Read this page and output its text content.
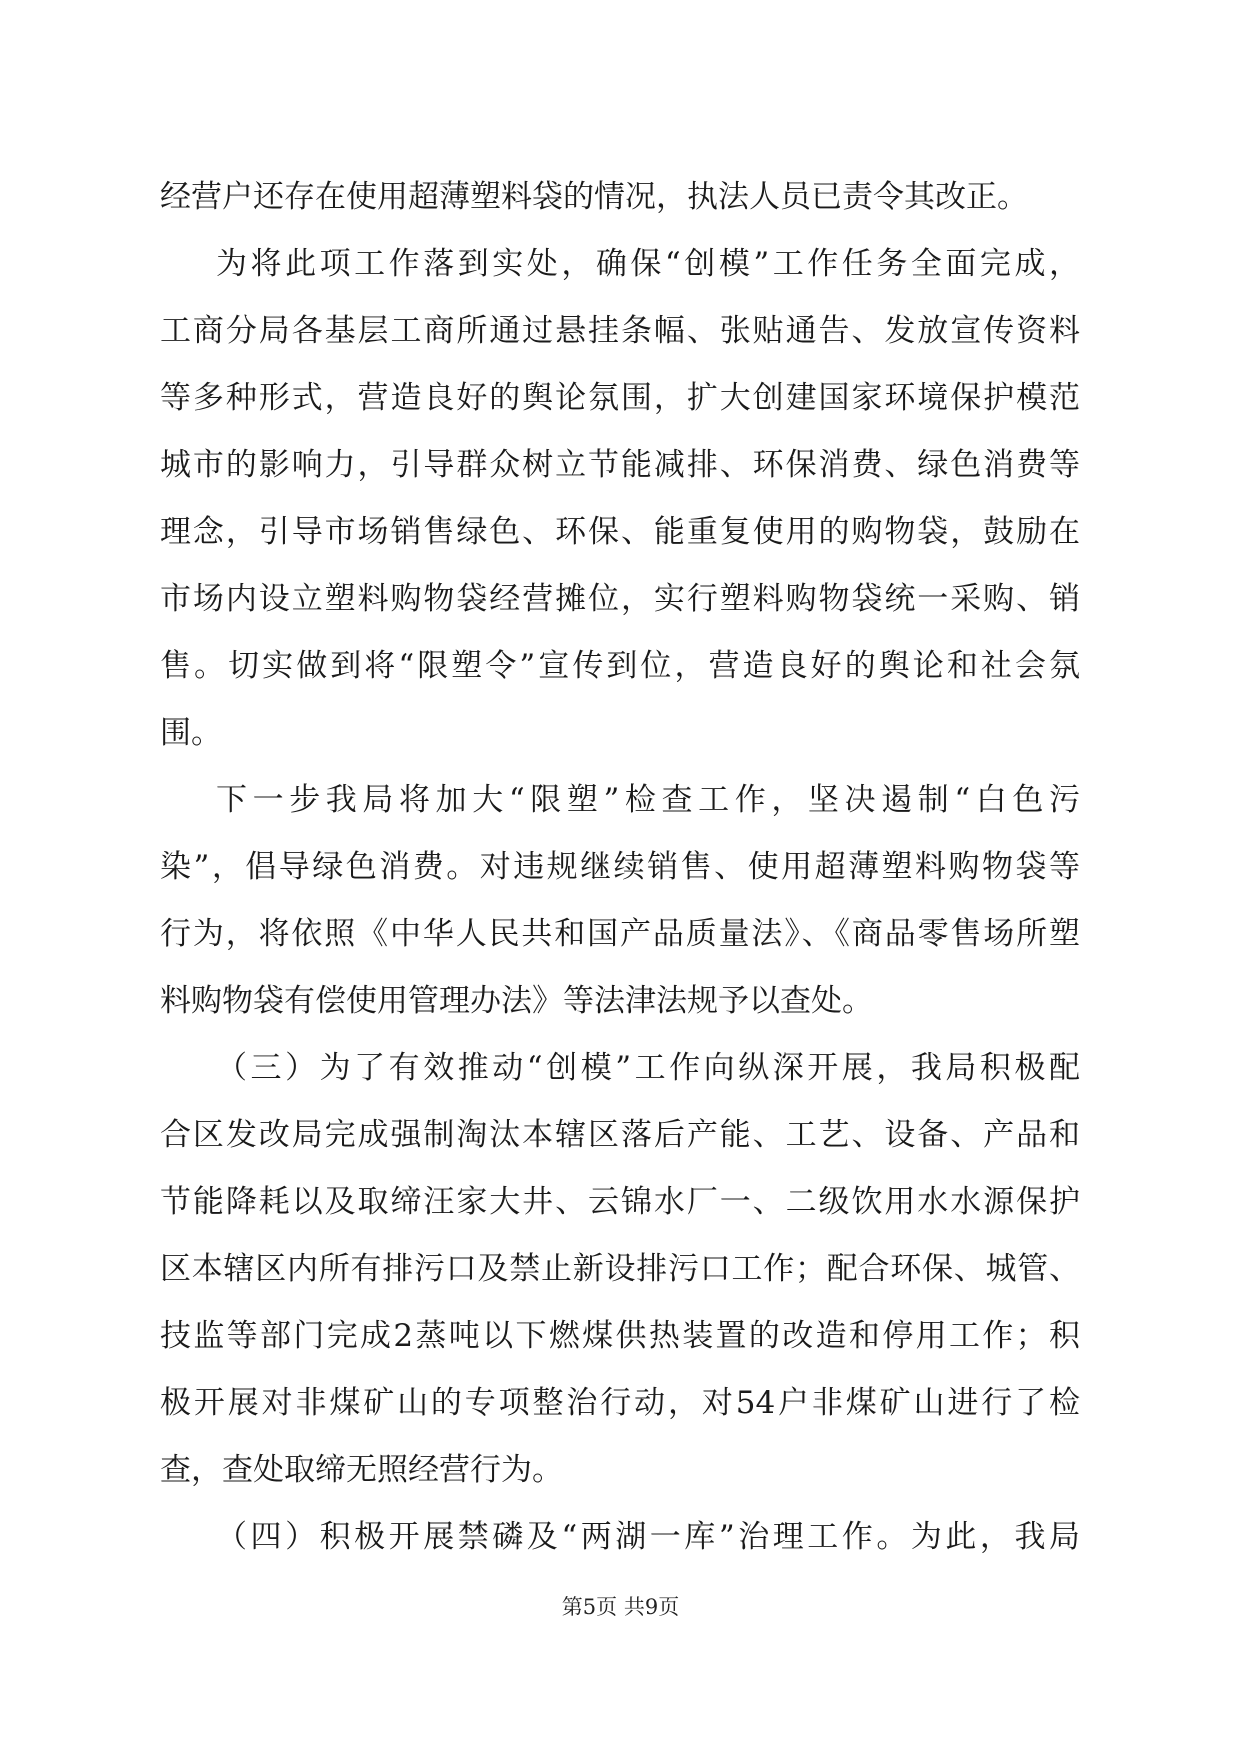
经营户还存在使用超薄塑料袋的情况，执法人员已责令其改正。
为将此项工作落到实处，确保“创模”工作任务全面完成，
工商分局各基层工商所通过悬挂条幅、张贴通告、发放宣传资料
等多种形式，营造良好的舆论氛围，扩大创建国家环境保护模范
城市的影响力，引导群众树立节能减排、环保消费、绿色消费等
理念，引导市场销售绿色、环保、能重复使用的购物袋，鼓励在
市场内设立塑料购物袋经营摊位，实行塑料购物袋统一采购、销
售。切实做到将“限塑令”宣传到位，营造良好的舆论和社会氛
围。
下一步我局将加大“限塑”检查工作，坚决遏制“白色污
染”，倡导绿色消费。对违规继续销售、使用超薄塑料购物袋等
行为，将依照《中华人民共和国产品质量法》、《商品零售场所塑
料购物袋有偿使用管理办法》等法津法规予以查处。
（三）为了有效推动“创模”工作向纵深开展，我局积极配
合区发改局完成强制淘汰本辖区落后产能、工艺、设备、产品和
节能降耗以及取缔汪家大井、云锦水厂一、二级饮用水水源保护
区本辖区内所有排污口及禁止新设排污口工作；配合环保、城管、
技监等部门完成2蒸吨以下燃煤供热装置的改造和停用工作；积
极开展对非煤矿山的专项整治行动，对54户非煤矿山进行了检
查，查处取缔无照经营行为。
（四）积极开展禁磷及“两湖一库”治理工作。为此，我局
第5页 共9页
